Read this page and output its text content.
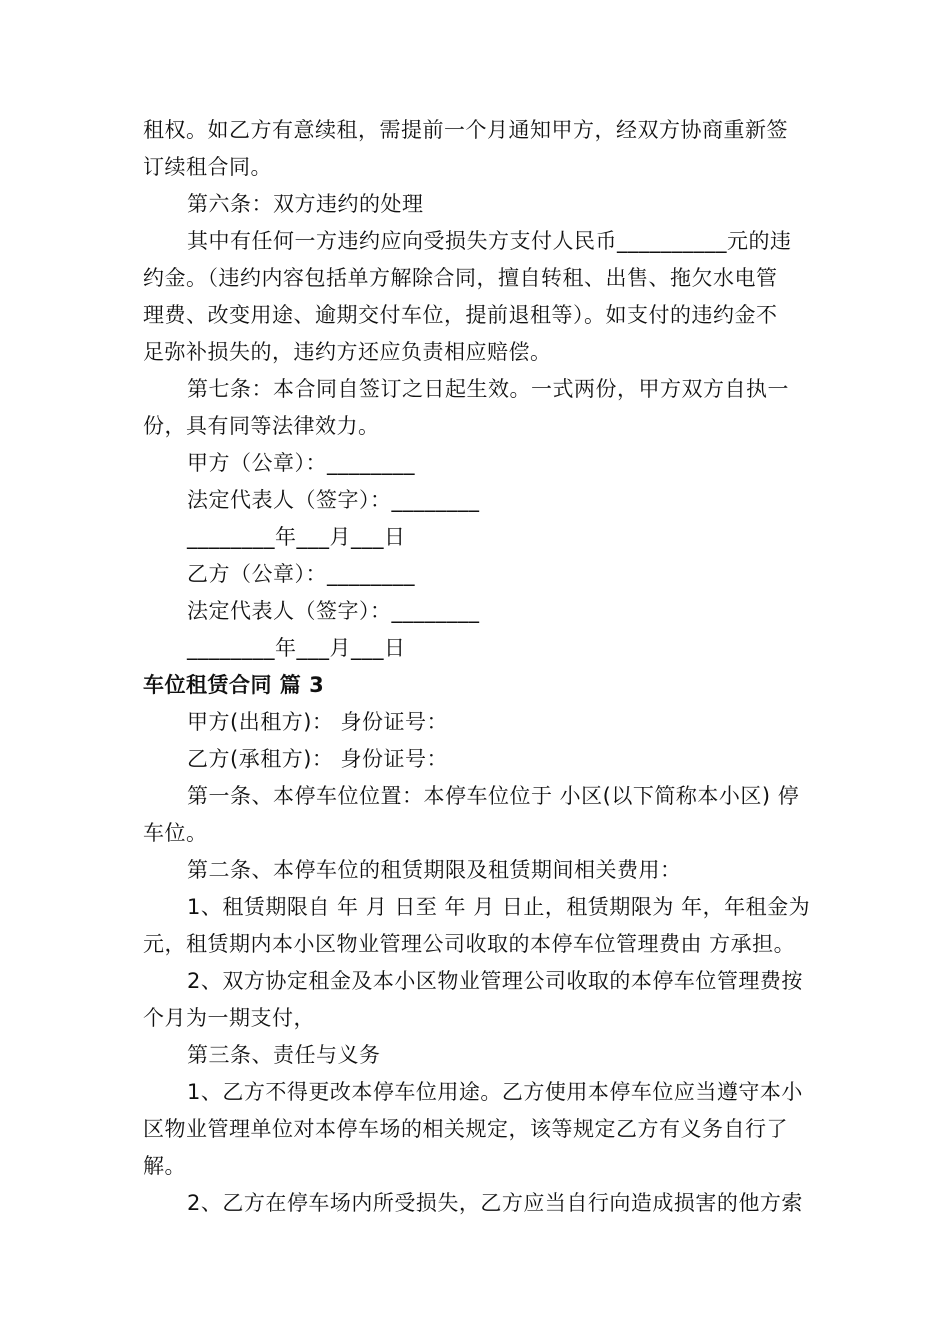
租权。如乙方有意续租，需提前一个月通知甲方，经双方协商重新签
订续租合同。
第六条：双方违约的处理
其中有任何一方违约应向受损失方支付人民币__________元的违
约金。（违约内容包括单方解除合同，擅自转租、出售、拖欠水电管
理费、改变用途、逾期交付车位，提前退租等）。如支付的违约金不
足弥补损失的，违约方还应负责相应赔偿。
第七条：本合同自签订之日起生效。一式两份，甲方双方自执一
份，具有同等法律效力。
甲方（公章）：________
法定代表人（签字）：________
________年___月___日
乙方（公章）：________
法定代表人（签字）：________
________年___月___日
车位租赁合同 篇 3
甲方(出租方)： 身份证号：
乙方(承租方)： 身份证号：
第一条、本停车位位置：本停车位位于 小区(以下简称本小区) 停
车位。
第二条、本停车位的租赁期限及租赁期间相关费用：
1、租赁期限自 年 月 日至 年 月 日止，租赁期限为 年，年租金为
元，租赁期内本小区物业管理公司收取的本停车位管理费由 方承担。
2、双方协定租金及本小区物业管理公司收取的本停车位管理费按
个月为一期支付，
第三条、责任与义务
1、乙方不得更改本停车位用途。乙方使用本停车位应当遵守本小
区物业管理单位对本停车场的相关规定，该等规定乙方有义务自行了
解。
2、乙方在停车场内所受损失，乙方应当自行向造成损害的他方索
